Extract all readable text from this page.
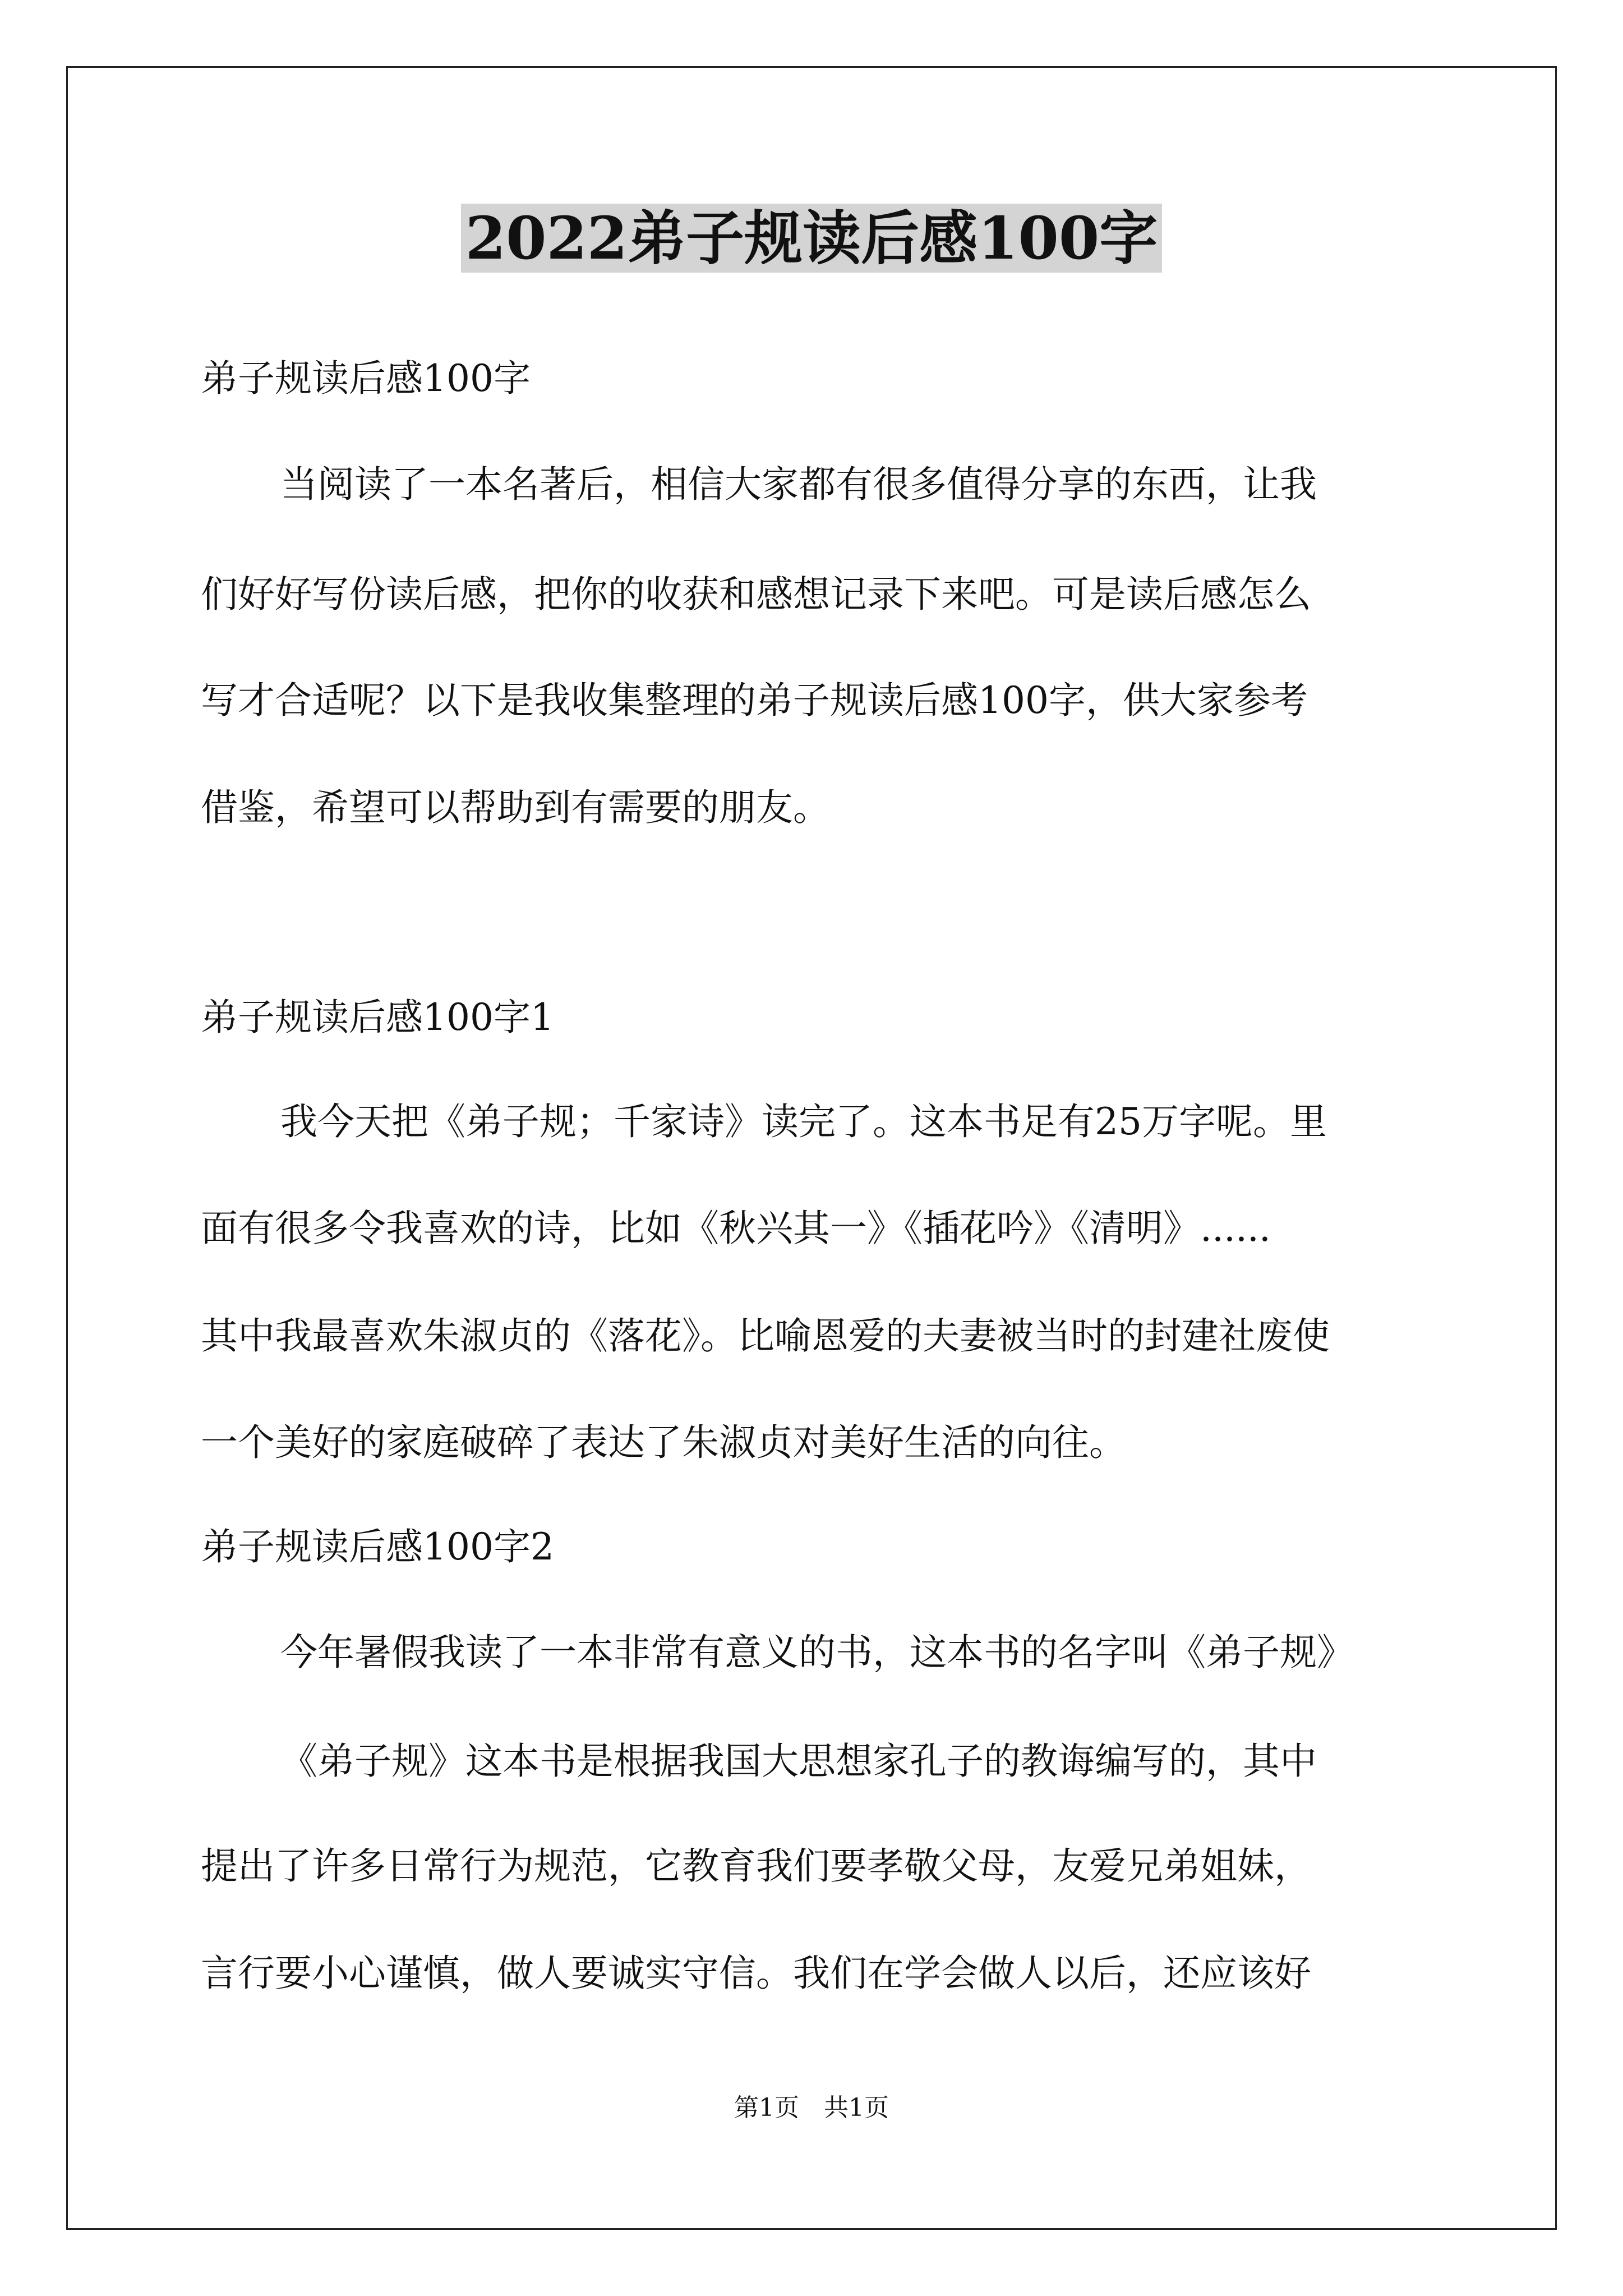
2022弟子规读后感100字
弟子规读后感100字
当阅读了一本名著后，相信大家都有很多值得分享的东西，让我
们好好写份读后感，把你的收获和感想记录下来吧。可是读后感怎么
写才合适呢？以下是我收集整理的弟子规读后感100字，供大家参考
借鉴，希望可以帮助到有需要的朋友。
弟子规读后感100字1
我今天把《弟子规；千家诗》读完了。这本书足有25万字呢。里
面有很多令我喜欢的诗，比如《秋兴其一》《插花吟》《清明》......
其中我最喜欢朱淑贞的《落花》。比喻恩爱的夫妻被当时的封建社废使
一个美好的家庭破碎了表达了朱淑贞对美好生活的向往。
弟子规读后感100字2
今年暑假我读了一本非常有意义的书，这本书的名字叫《弟子规》
《弟子规》这本书是根据我国大思想家孔子的教诲编写的，其中
提出了许多日常行为规范，它教育我们要孝敬父母，友爱兄弟姐妹，
言行要小心谨慎，做人要诚实守信。我们在学会做人以后，还应该好
第1页　共1页
